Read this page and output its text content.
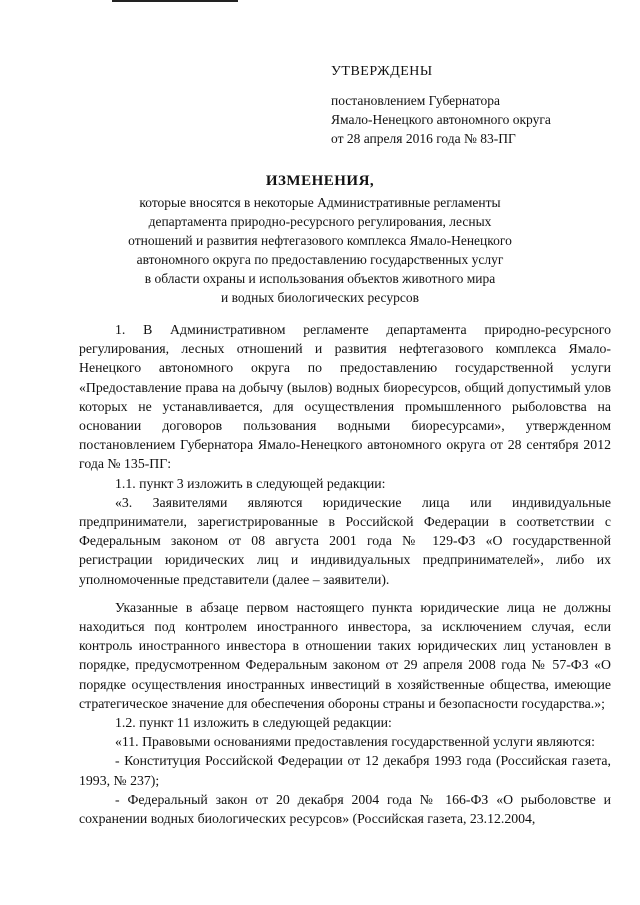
УТВЕРЖДЕНЫ
постановлением Губернатора
Ямало-Ненецкого автономного округа
от 28 апреля 2016 года № 83-ПГ
ИЗМЕНЕНИЯ,
которые вносятся в некоторые Административные регламенты
департамента природно-ресурсного регулирования, лесных
отношений и развития нефтегазового комплекса Ямало-Ненецкого
автономного округа по предоставлению государственных услуг
в области охраны и использования объектов животного мира
и водных биологических ресурсов

1. В Административном регламенте департамента природно-ресурсного регулирования, лесных отношений и развития нефтегазового комплекса Ямало-Ненецкого автономного округа по предоставлению государственной услуги «Предоставление права на добычу (вылов) водных биоресурсов, общий допустимый улов которых не устанавливается, для осуществления промышленного рыболовства на основании договоров пользования водными биоресурсами», утвержденном постановлением Губернатора Ямало-Ненецкого автономного округа от 28 сентября 2012 года № 135-ПГ:

1.1. пункт 3 изложить в следующей редакции:

«3. Заявителями являются юридические лица или индивидуальные предприниматели, зарегистрированные в Российской Федерации в соответствии с Федеральным законом от 08 августа 2001 года № 129-ФЗ «О государственной регистрации юридических лиц и индивидуальных предпринимателей», либо их уполномоченные представители (далее – заявители).

Указанные в абзаце первом настоящего пункта юридические лица не должны находиться под контролем иностранного инвестора, за исключением случая, если контроль иностранного инвестора в отношении таких юридических лиц установлен в порядке, предусмотренном Федеральным законом от 29 апреля 2008 года № 57-ФЗ «О порядке осуществления иностранных инвестиций в хозяйственные общества, имеющие стратегическое значение для обеспечения обороны страны и безопасности государства.»;

1.2. пункт 11 изложить в следующей редакции:

«11. Правовыми основаниями предоставления государственной услуги являются:

- Конституция Российской Федерации от 12 декабря 1993 года (Российская газета, 1993, № 237);

- Федеральный закон от 20 декабря 2004 года № 166-ФЗ «О рыболовстве и сохранении водных биологических ресурсов» (Российская газета, 23.12.2004,
